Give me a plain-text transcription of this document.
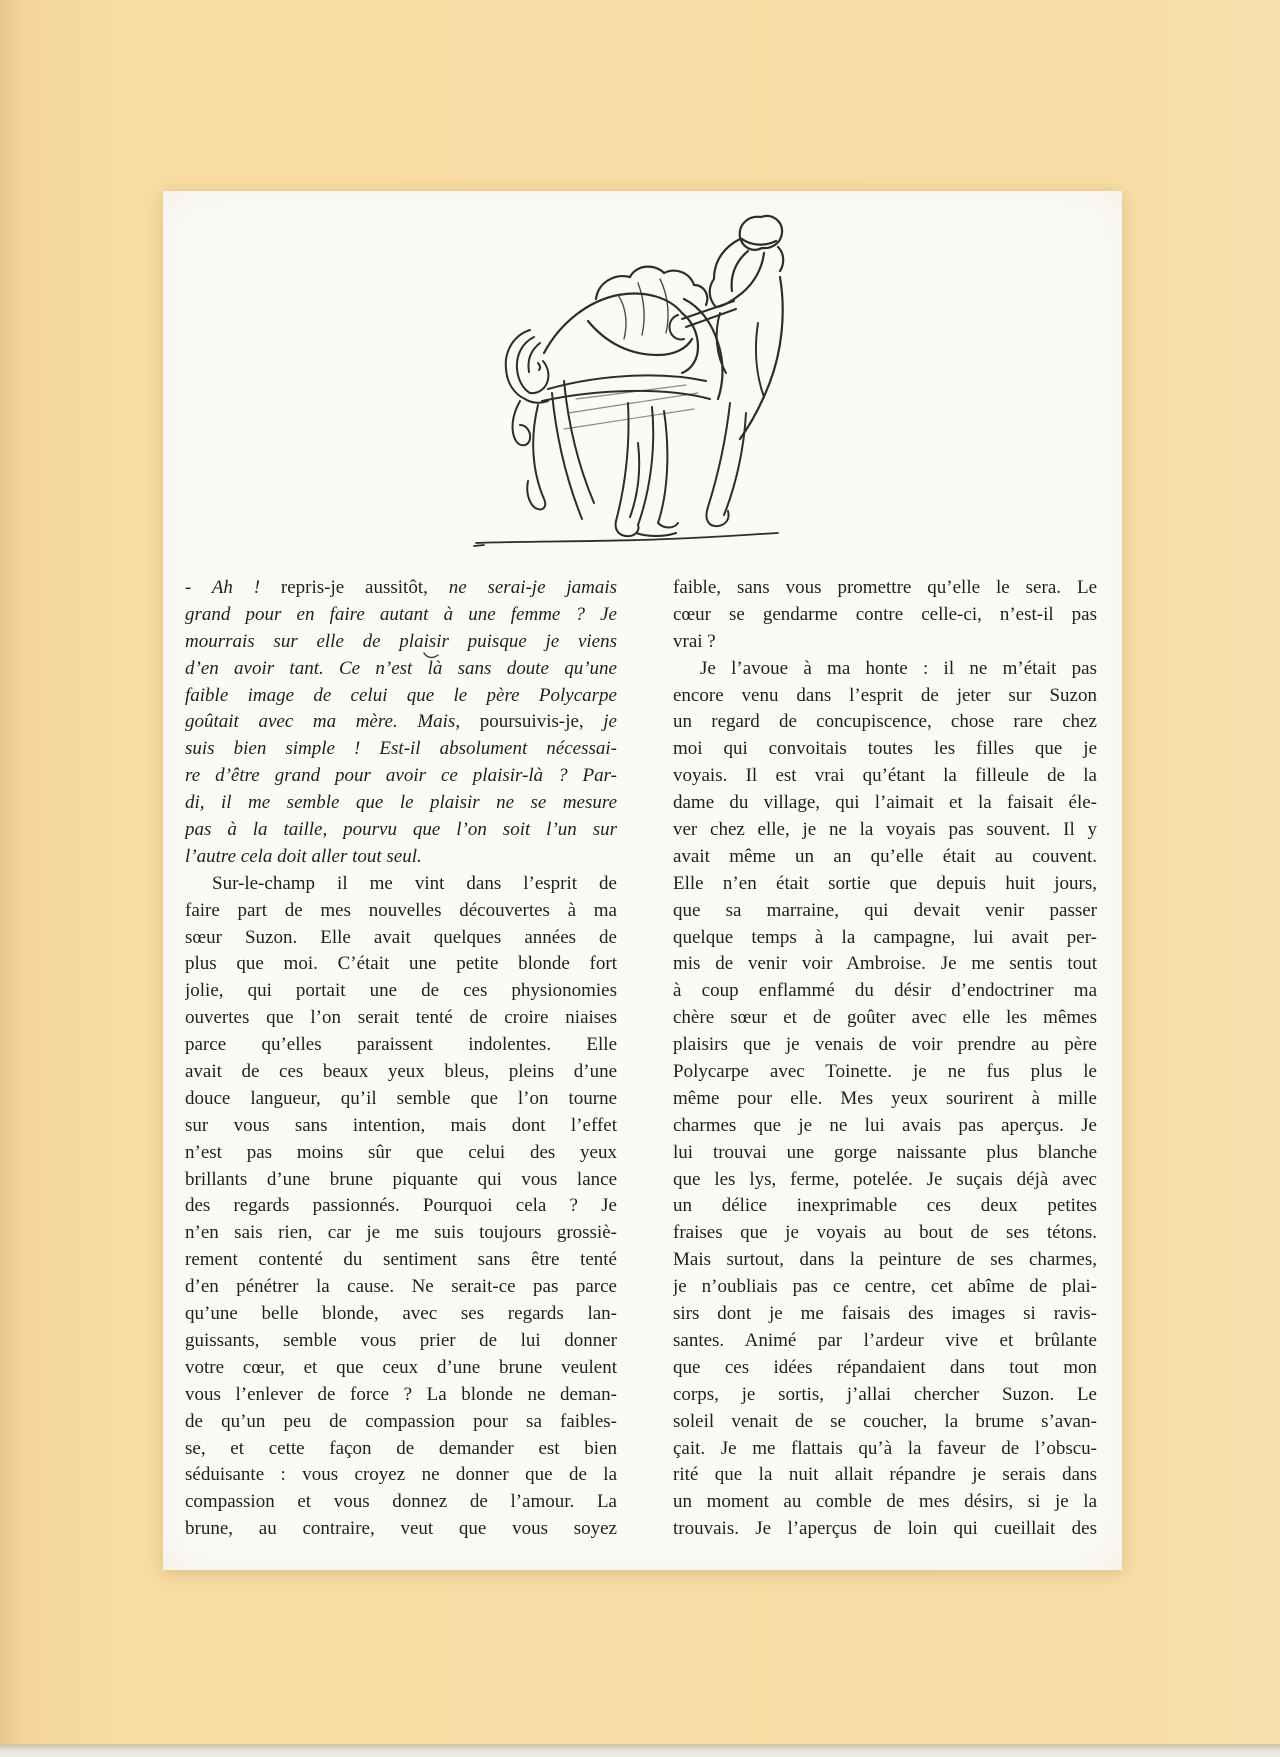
- Ah ! repris-je aussitôt, ne serai-je jamais
grand pour en faire autant à une femme ? Je
mourrais sur elle de plaisir puisque je viens
d’en avoir tant. Ce n’est là sans doute qu’une
faible image de celui que le père Polycarpe
goûtait avec ma mère. Mais, poursuivis-je, je
suis bien simple ! Est-il absolument nécessai-
re d’être grand pour avoir ce plaisir-là ? Par-
di, il me semble que le plaisir ne se mesure
pas à la taille, pourvu que l’on soit l’un sur
l’autre cela doit aller tout seul.
Sur-le-champ il me vint dans l’esprit de
faire part de mes nouvelles découvertes à ma
sœur Suzon. Elle avait quelques années de
plus que moi. C’était une petite blonde fort
jolie, qui portait une de ces physionomies
ouvertes que l’on serait tenté de croire niaises
parce qu’elles paraissent indolentes. Elle
avait de ces beaux yeux bleus, pleins d’une
douce langueur, qu’il semble que l’on tourne
sur vous sans intention, mais dont l’effet
n’est pas moins sûr que celui des yeux
brillants d’une brune piquante qui vous lance
des regards passionnés. Pourquoi cela ? Je
n’en sais rien, car je me suis toujours grossiè-
rement contenté du sentiment sans être tenté
d’en pénétrer la cause. Ne serait-ce pas parce
qu’une belle blonde, avec ses regards lan-
guissants, semble vous prier de lui donner
votre cœur, et que ceux d’une brune veulent
vous l’enlever de force ? La blonde ne deman-
de qu’un peu de compassion pour sa faibles-
se, et cette façon de demander est bien
séduisante : vous croyez ne donner que de la
compassion et vous donnez de l’amour. La
brune, au contraire, veut que vous soyez
faible, sans vous promettre qu’elle le sera. Le
cœur se gendarme contre celle-ci, n’est-il pas
vrai ?
Je l’avoue à ma honte : il ne m’était pas
encore venu dans l’esprit de jeter sur Suzon
un regard de concupiscence, chose rare chez
moi qui convoitais toutes les filles que je
voyais. Il est vrai qu’étant la filleule de la
dame du village, qui l’aimait et la faisait éle-
ver chez elle, je ne la voyais pas souvent. Il y
avait même un an qu’elle était au couvent.
Elle n’en était sortie que depuis huit jours,
que sa marraine, qui devait venir passer
quelque temps à la campagne, lui avait per-
mis de venir voir Ambroise. Je me sentis tout
à coup enflammé du désir d’endoctriner ma
chère sœur et de goûter avec elle les mêmes
plaisirs que je venais de voir prendre au père
Polycarpe avec Toinette. je ne fus plus le
même pour elle. Mes yeux sourirent à mille
charmes que je ne lui avais pas aperçus. Je
lui trouvai une gorge naissante plus blanche
que les lys, ferme, potelée. Je suçais déjà avec
un délice inexprimable ces deux petites
fraises que je voyais au bout de ses tétons.
Mais surtout, dans la peinture de ses charmes,
je n’oubliais pas ce centre, cet abîme de plai-
sirs dont je me faisais des images si ravis-
santes. Animé par l’ardeur vive et brûlante
que ces idées répandaient dans tout mon
corps, je sortis, j’allai chercher Suzon. Le
soleil venait de se coucher, la brume s’avan-
çait. Je me flattais qu’à la faveur de l’obscu-
rité que la nuit allait répandre je serais dans
un moment au comble de mes désirs, si je la
trouvais. Je l’aperçus de loin qui cueillait des
